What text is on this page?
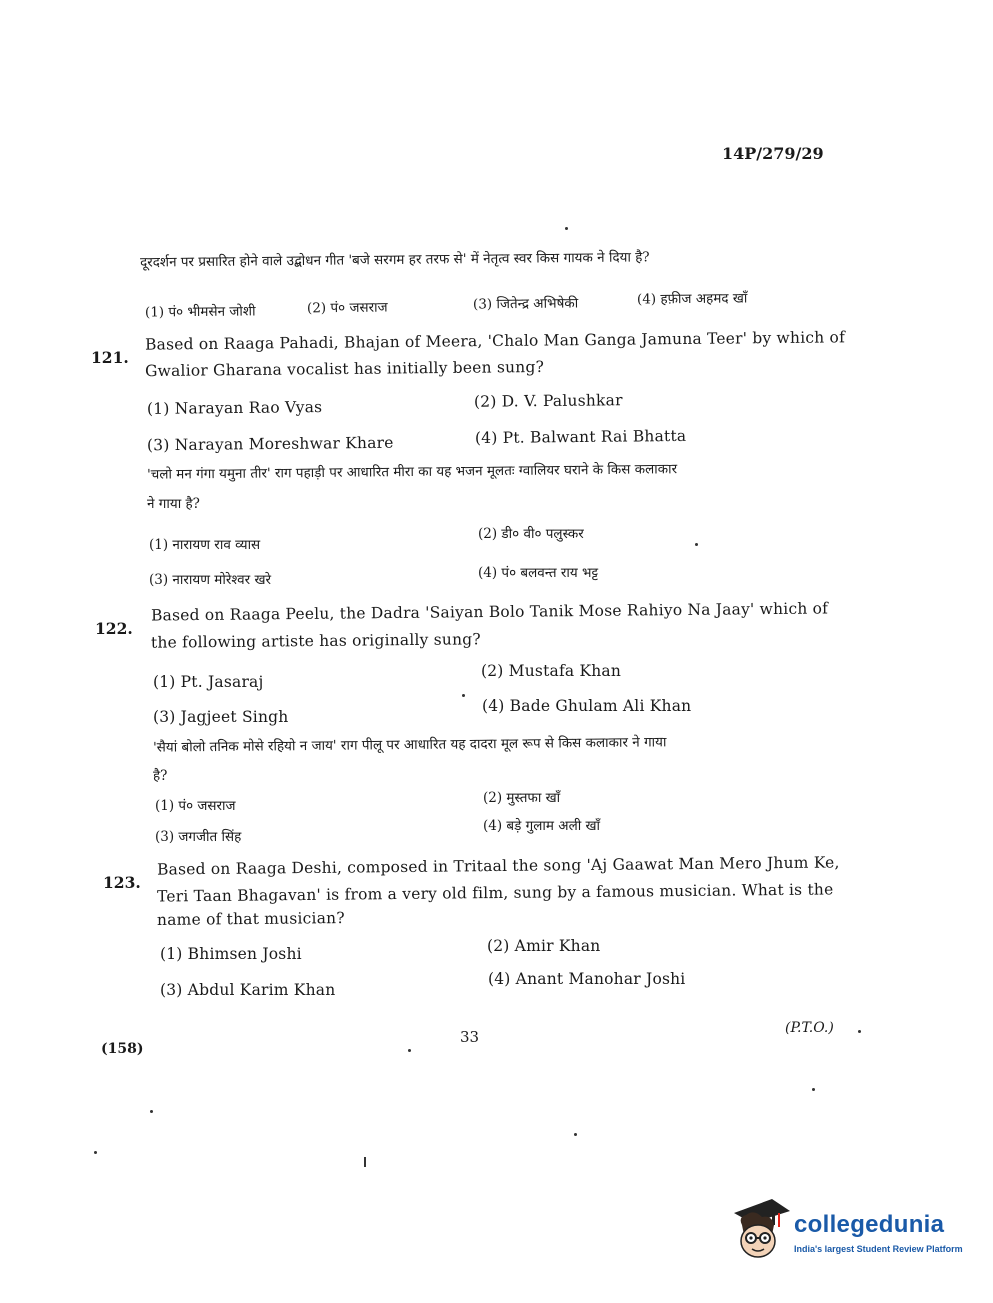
14P/279/29
दूरदर्शन पर प्रसारित होने वाले उद्बोधन गीत 'बजे सरगम हर तरफ से' में नेतृत्व स्वर किस गायक ने दिया है?
(1) पं० भीमसेन जोशी	(2) पं० जसराज	(3) जितेन्द्र अभिषेकी	(4) हफ़ीज अहमद खाँ
121.
Based on Raaga Pahadi, Bhajan of Meera, 'Chalo Man Ganga Jamuna Teer' by which of
Gwalior Gharana vocalist has initially been sung?
(1) Narayan Rao Vyas	(2) D. V. Palushkar
(3) Narayan Moreshwar Khare	(4) Pt. Balwant Rai Bhatta
'चलो मन गंगा यमुना तीर' राग पहाड़ी पर आधारित मीरा का यह भजन मूलतः ग्वालियर घराने के किस कलाकार
ने गाया है?
(1) नारायण राव व्यास
(2) डी० वी० पलुस्कर
(3) नारायण मोरेश्वर खरे	(4) पं० बलवन्त राय भट्ट
122.
Based on Raaga Peelu, the Dadra 'Saiyan Bolo Tanik Mose Rahiyo Na Jaay' which of
the following artiste has originally sung?
(1) Pt. Jasaraj
(2) Mustafa Khan
(3) Jagjeet Singh
(4) Bade Ghulam Ali Khan
'सैयां बोलो तनिक मोसे रहियो न जाय' राग पीलू पर आधारित यह दादरा मूल रूप से किस कलाकार ने गाया
है?
(1) पं० जसराज	(2) मुस्तफा खाँ
(3) जगजीत सिंह
(4) बड़े गुलाम अली खाँ
123.
Based on Raaga Deshi, composed in Tritaal the song 'Aj Gaawat Man Mero Jhum Ke,
Teri Taan Bhagavan' is from a very old film, sung by a famous musician. What is the
name of that musician?
(1) Bhimsen Joshi	(2) Amir Khan
(3) Abdul Karim Khan
(4) Anant Manohar Joshi
33	(P.T.O.)
(158)
collegedunia
India's largest Student Review Platform
